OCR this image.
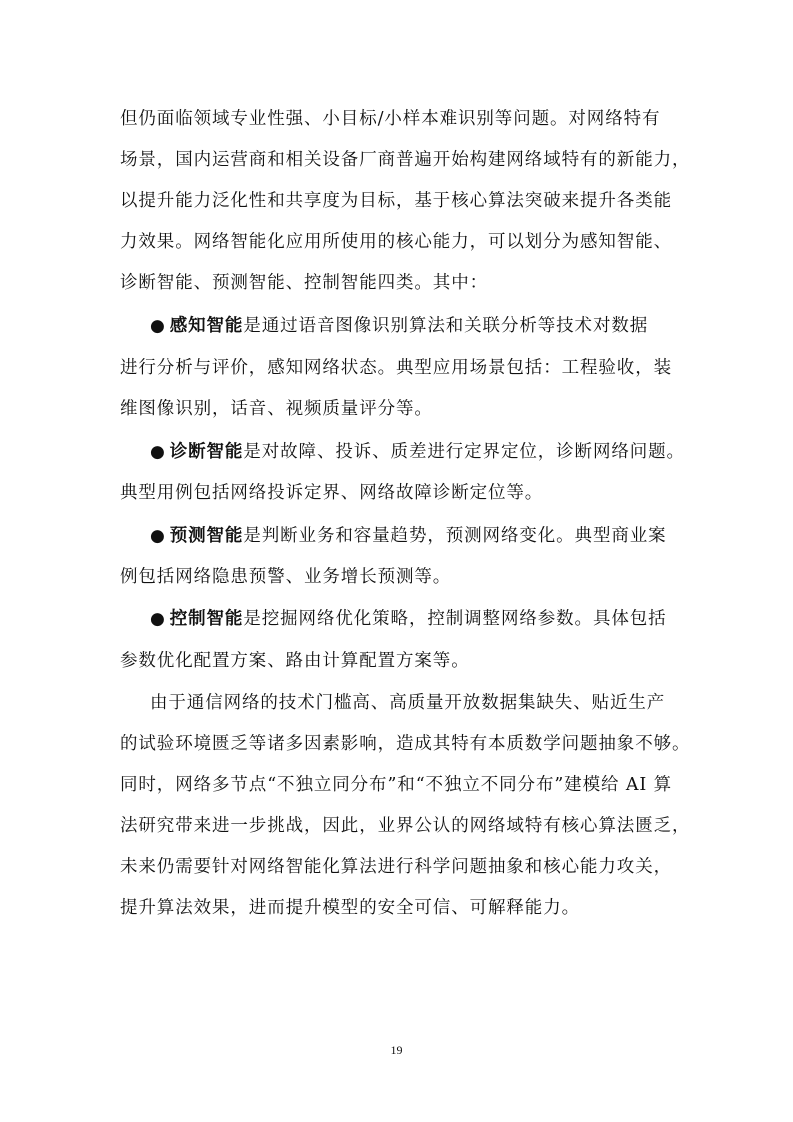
但仍面临领域专业性强、小目标/小样本难识别等问题。对网络特有
场景，国内运营商和相关设备厂商普遍开始构建网络域特有的新能力，
以提升能力泛化性和共享度为目标，基于核心算法突破来提升各类能
力效果。网络智能化应用所使用的核心能力，可以划分为感知智能、
诊断智能、预测智能、控制智能四类。其中：
● 感知智能是通过语音图像识别算法和关联分析等技术对数据
进行分析与评价，感知网络状态。典型应用场景包括：工程验收，装
维图像识别，话音、视频质量评分等。
● 诊断智能是对故障、投诉、质差进行定界定位，诊断网络问题。
典型用例包括网络投诉定界、网络故障诊断定位等。
● 预测智能是判断业务和容量趋势，预测网络变化。典型商业案
例包括网络隐患预警、业务增长预测等。
● 控制智能是挖掘网络优化策略，控制调整网络参数。具体包括
参数优化配置方案、路由计算配置方案等。
由于通信网络的技术门槛高、高质量开放数据集缺失、贴近生产
的试验环境匮乏等诸多因素影响，造成其特有本质数学问题抽象不够。
同时，网络多节点“不独立同分布”和“不独立不同分布”建模给 AI 算
法研究带来进一步挑战，因此，业界公认的网络域特有核心算法匮乏，
未来仍需要针对网络智能化算法进行科学问题抽象和核心能力攻关，
提升算法效果，进而提升模型的安全可信、可解释能力。
19
